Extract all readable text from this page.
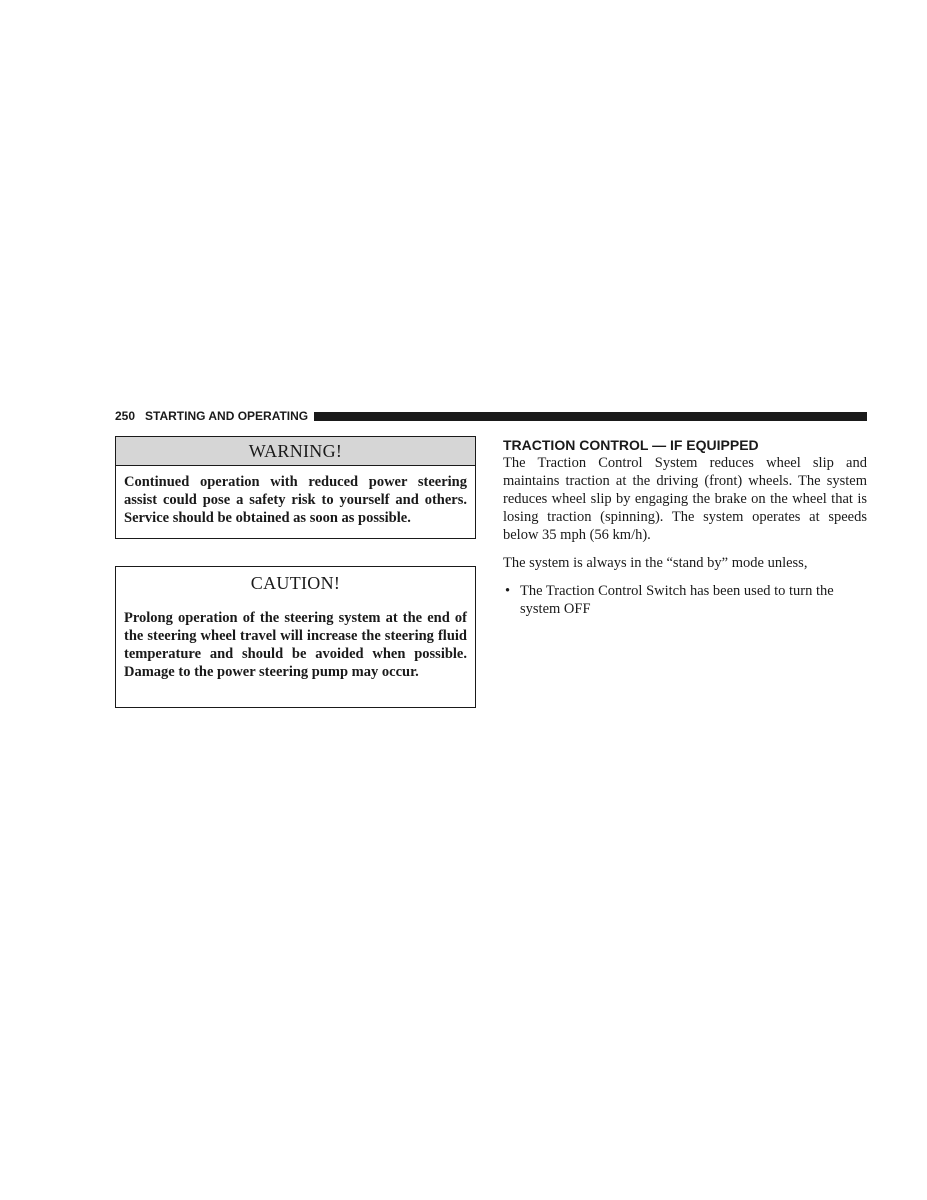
250 STARTING AND OPERATING
WARNING!
Continued operation with reduced power steering assist could pose a safety risk to yourself and others. Service should be obtained as soon as possible.
CAUTION!
Prolong operation of the steering system at the end of the steering wheel travel will increase the steering fluid temperature and should be avoided when possible. Damage to the power steering pump may occur.
TRACTION CONTROL — IF EQUIPPED

The Traction Control System reduces wheel slip and maintains traction at the driving (front) wheels. The system reduces wheel slip by engaging the brake on the wheel that is losing traction (spinning). The system operates at speeds below 35 mph (56 km/h).

The system is always in the “stand by” mode unless,

• The Traction Control Switch has been used to turn the system OFF
